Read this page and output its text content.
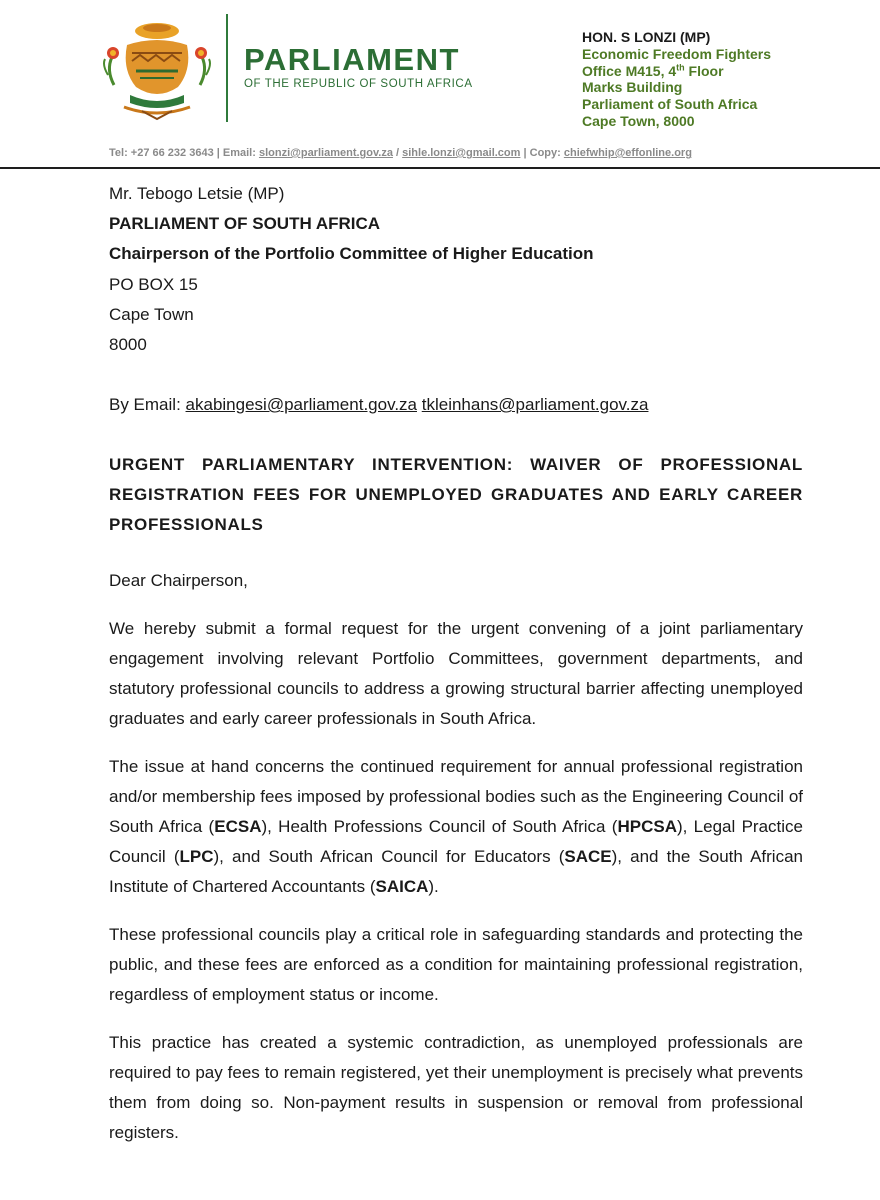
PARLIAMENT
OF THE REPUBLIC OF SOUTH AFRICA
HON. S LONZI (MP)
Economic Freedom Fighters
Office M415, 4th Floor
Marks Building
Parliament of South Africa
Cape Town, 8000
Tel: +27 66 232 3643 | Email: slonzi@parliament.gov.za / sihle.lonzi@gmail.com | Copy: chiefwhip@effonline.org
Mr. Tebogo Letsie (MP)
PARLIAMENT OF SOUTH AFRICA
Chairperson of the Portfolio Committee of Higher Education
PO BOX 15
Cape Town
8000
By Email: akabingesi@parliament.gov.za tkleinhans@parliament.gov.za
URGENT PARLIAMENTARY INTERVENTION: WAIVER OF PROFESSIONAL REGISTRATION FEES FOR UNEMPLOYED GRADUATES AND EARLY CAREER PROFESSIONALS
Dear Chairperson,
We hereby submit a formal request for the urgent convening of a joint parliamentary engagement involving relevant Portfolio Committees, government departments, and statutory professional councils to address a growing structural barrier affecting unemployed graduates and early career professionals in South Africa.
The issue at hand concerns the continued requirement for annual professional registration and/or membership fees imposed by professional bodies such as the Engineering Council of South Africa (ECSA), Health Professions Council of South Africa (HPCSA), Legal Practice Council (LPC), and South African Council for Educators (SACE), and the South African Institute of Chartered Accountants (SAICA).
These professional councils play a critical role in safeguarding standards and protecting the public, and these fees are enforced as a condition for maintaining professional registration, regardless of employment status or income.
This practice has created a systemic contradiction, as unemployed professionals are required to pay fees to remain registered, yet their unemployment is precisely what prevents them from doing so. Non-payment results in suspension or removal from professional registers.
